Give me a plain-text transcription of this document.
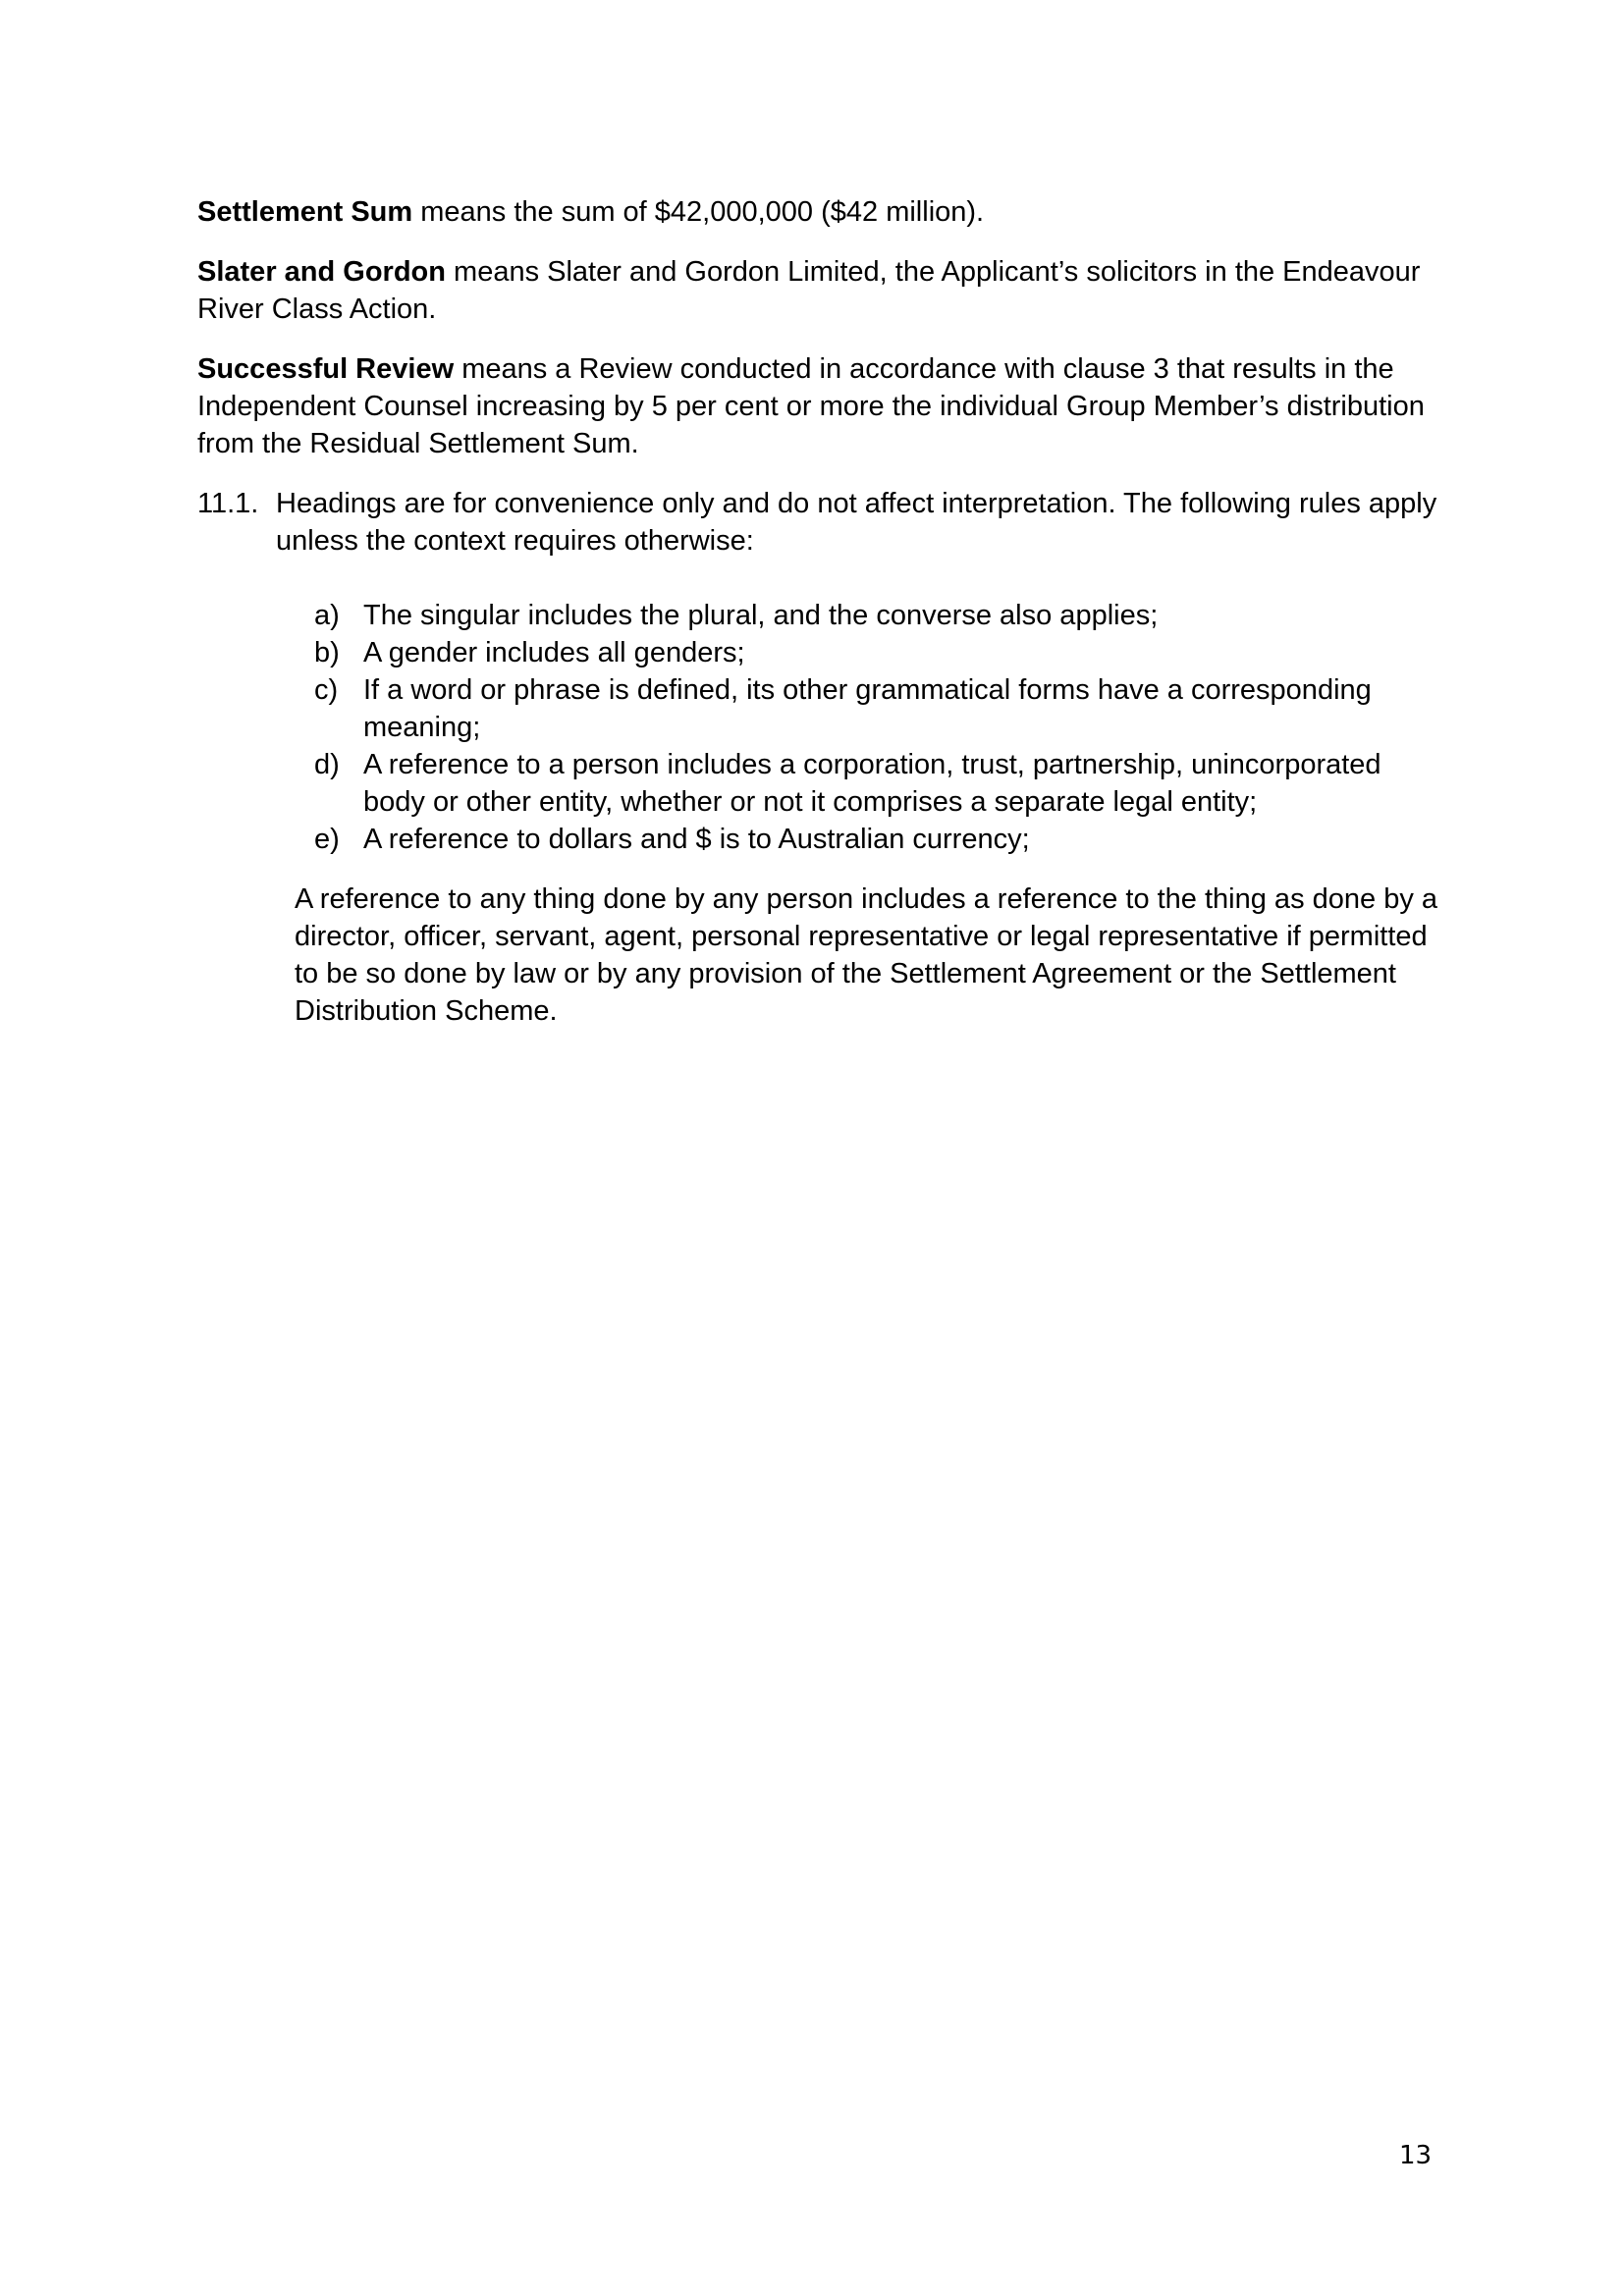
Settlement Sum means the sum of $42,000,000 ($42 million).

Slater and Gordon means Slater and Gordon Limited, the Applicant’s solicitors in the Endeavour River Class Action.

Successful Review means a Review conducted in accordance with clause 3 that results in the Independent Counsel increasing by 5 per cent or more the individual Group Member’s distribution from the Residual Settlement Sum.

11.1. Headings are for convenience only and do not affect interpretation. The following rules apply unless the context requires otherwise:

a) The singular includes the plural, and the converse also applies;
b) A gender includes all genders;
c) If a word or phrase is defined, its other grammatical forms have a corresponding meaning;
d) A reference to a person includes a corporation, trust, partnership, unincorporated body or other entity, whether or not it comprises a separate legal entity;
e) A reference to dollars and $ is to Australian currency;

A reference to any thing done by any person includes a reference to the thing as done by a director, officer, servant, agent, personal representative or legal representative if permitted to be so done by law or by any provision of the Settlement Agreement or the Settlement Distribution Scheme.

13
